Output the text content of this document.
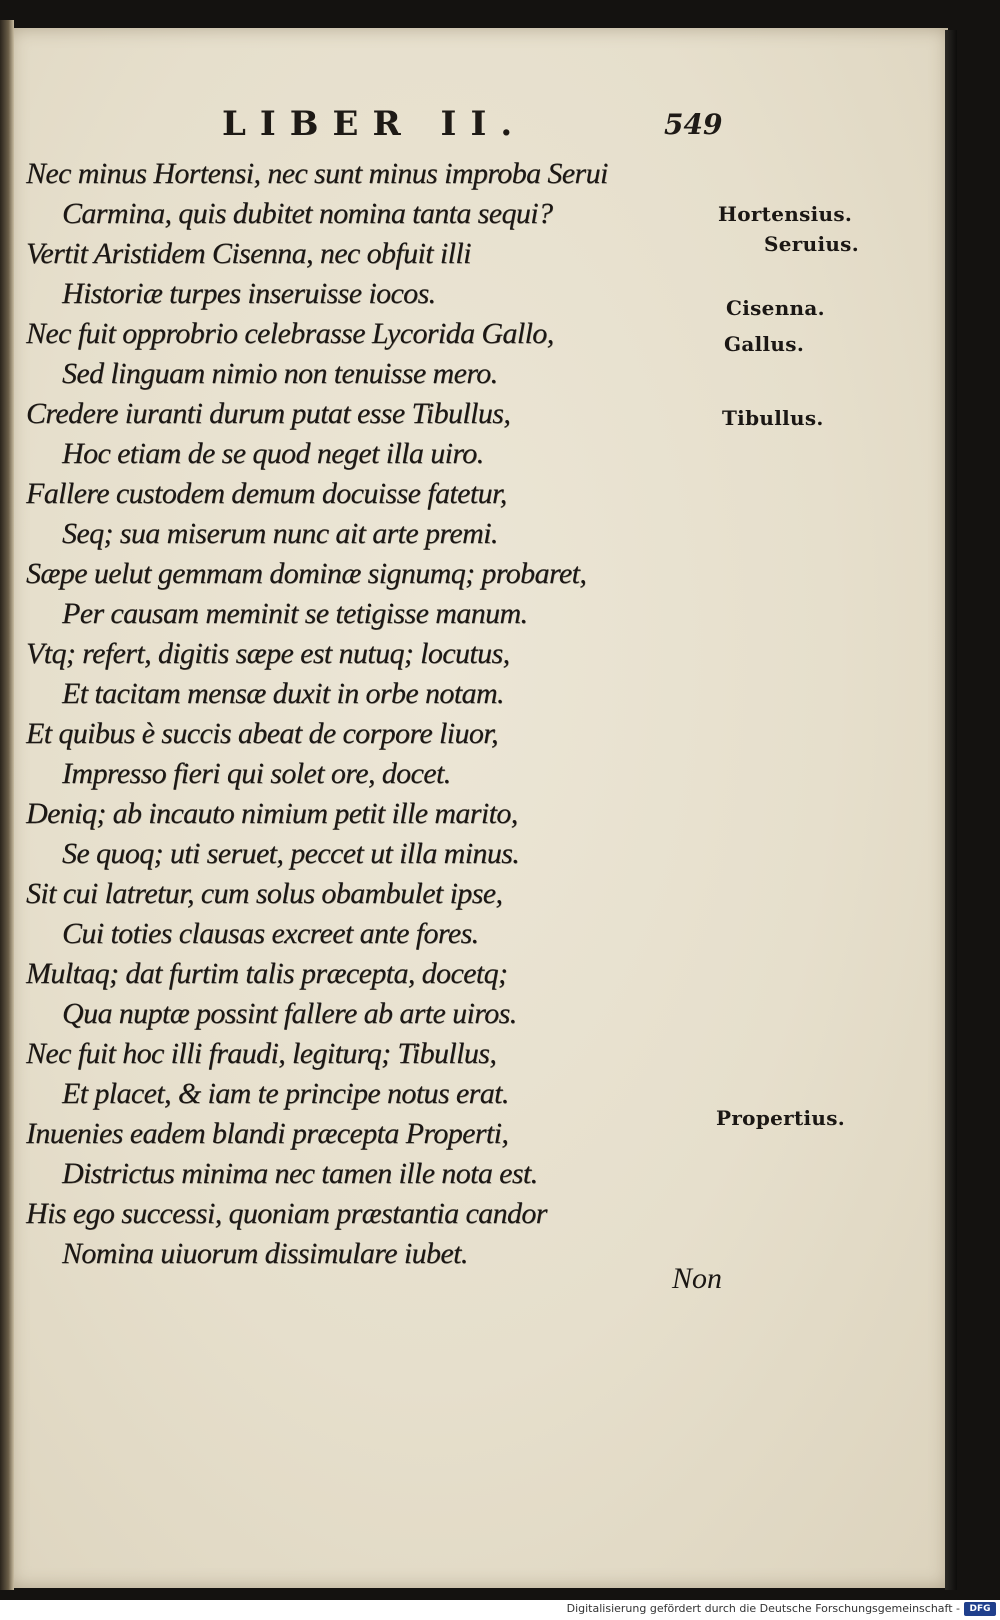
LIBER II.	549
Nec minus Hortensi, nec sunt minus improba Serui
Carmina, quis dubitet nomina tanta sequi?
Vertit Aristidem Cisenna, nec obfuit illi
Historiæ turpes inseruisse iocos.
Nec fuit opprobrio celebrasse Lycorida Gallo,
Sed linguam nimio non tenuisse mero.
Credere iuranti durum putat esse Tibullus,
Hoc etiam de se quod neget illa uiro.
Fallere custodem demum docuisse fatetur,
Seq; sua miserum nunc ait arte premi.
Sæpe uelut gemmam dominæ signumq; probaret,
Per causam meminit se tetigisse manum.
Vtq; refert, digitis sæpe est nutuq; locutus,
Et tacitam mensæ duxit in orbe notam.
Et quibus è succis abeat de corpore liuor,
Impresso fieri qui solet ore, docet.
Deniq; ab incauto nimium petit ille marito,
Se quoq; uti seruet, peccet ut illa minus.
Sit cui latretur, cum solus obambulet ipse,
Cui toties clausas excreet ante fores.
Multaq; dat furtim talis præcepta, docetq;
Qua nuptæ possint fallere ab arte uiros.
Nec fuit hoc illi fraudi, legiturq; Tibullus,
Et placet, & iam te principe notus erat.
Inuenies eadem blandi præcepta Properti,
Districtus minima nec tamen ille nota est.
His ego successi, quoniam præstantia candor
Nomina uiuorum dissimulare iubet.
Hortensius.
Seruius.
Cisenna.
Gallus.
Tibullus.
Propertius.
Non
Digitalisierung gefördert durch die Deutsche Forschungsgemeinschaft -	DFG
